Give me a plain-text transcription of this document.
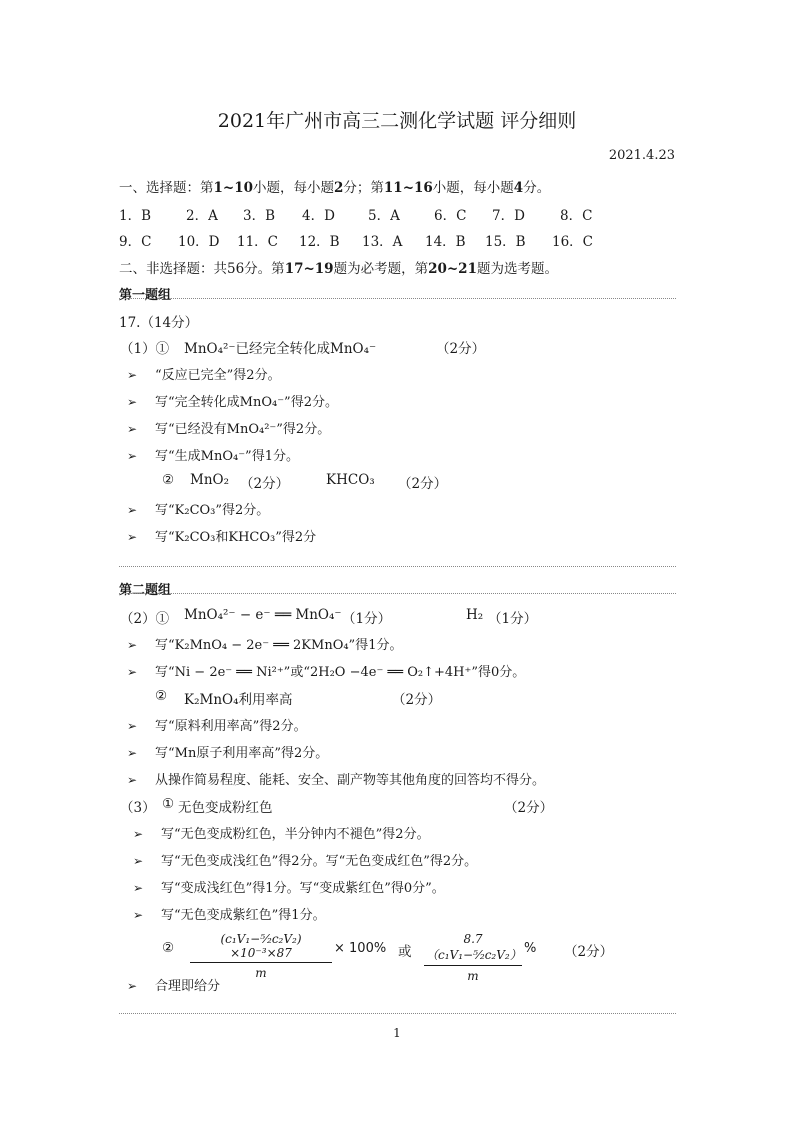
2021年广州市高三二测化学试题 评分细则
2021.4.23
一、选择题：第1~10小题，每小题2分；第11~16小题，每小题4分。
1．B	2．A 3．B 4．D 5．A	6．C 7．D	8．C
9．C 10．D 11．C 12．B 13．A 14．B 15．B 16．C
二、非选择题：共56分。第17~19题为必考题，第20~21题为选考题。
第一题组
17.（14分）
（1）① MnO₄²⁻已经完全转化成MnO₄⁻	（2分）
➢ “反应已完全”得2分。
➢ 写“完全转化成MnO₄⁻”得2分。
➢ 写“已经没有MnO₄²⁻”得2分。
➢ 写“生成MnO₄⁻”得1分。
② MnO₂ （2分）	KHCO₃ （2分）
➢ 写“K₂CO₃”得2分。
➢ 写“K₂CO₃和KHCO₃”得2分
第二题组
（2）① MnO₄²⁻ − e⁻ ══ MnO₄⁻ （1分）	H₂ （1分）
➢ 写“K₂MnO₄ − 2e⁻ ══ 2KMnO₄”得1分。
➢ 写“Ni − 2e⁻ ══ Ni²⁺”或“2H₂O −4e⁻ ══ O₂↑+4H⁺”得0分。
② K₂MnO₄利用率高	（2分）
➢ 写“原料利用率高”得2分。
➢ 写“Mn原子利用率高”得2分。
➢ 从操作简易程度、能耗、安全、副产物等其他角度的回答均不得分。
（3） ① 无色变成粉红色	（2分）
➢ 写“无色变成粉红色，半分钟内不褪色”得2分。
➢ 写“无色变成浅红色”得2分。写“无色变成红色”得2分。
➢ 写“变成浅红色”得1分。写“变成紫红色”得0分”。
➢ 写“无色变成紫红色”得1分。
② $\frac{\text{(c₁V₁−⁵⁄₂c₂V₂) ×10⁻³×87}}{m} \times 100\%$ 或 $\frac{\text{8.7（c₁V₁−⁵⁄₂c₂V₂）}}{m}$ % （2分）
➢ 合理即给分
1
